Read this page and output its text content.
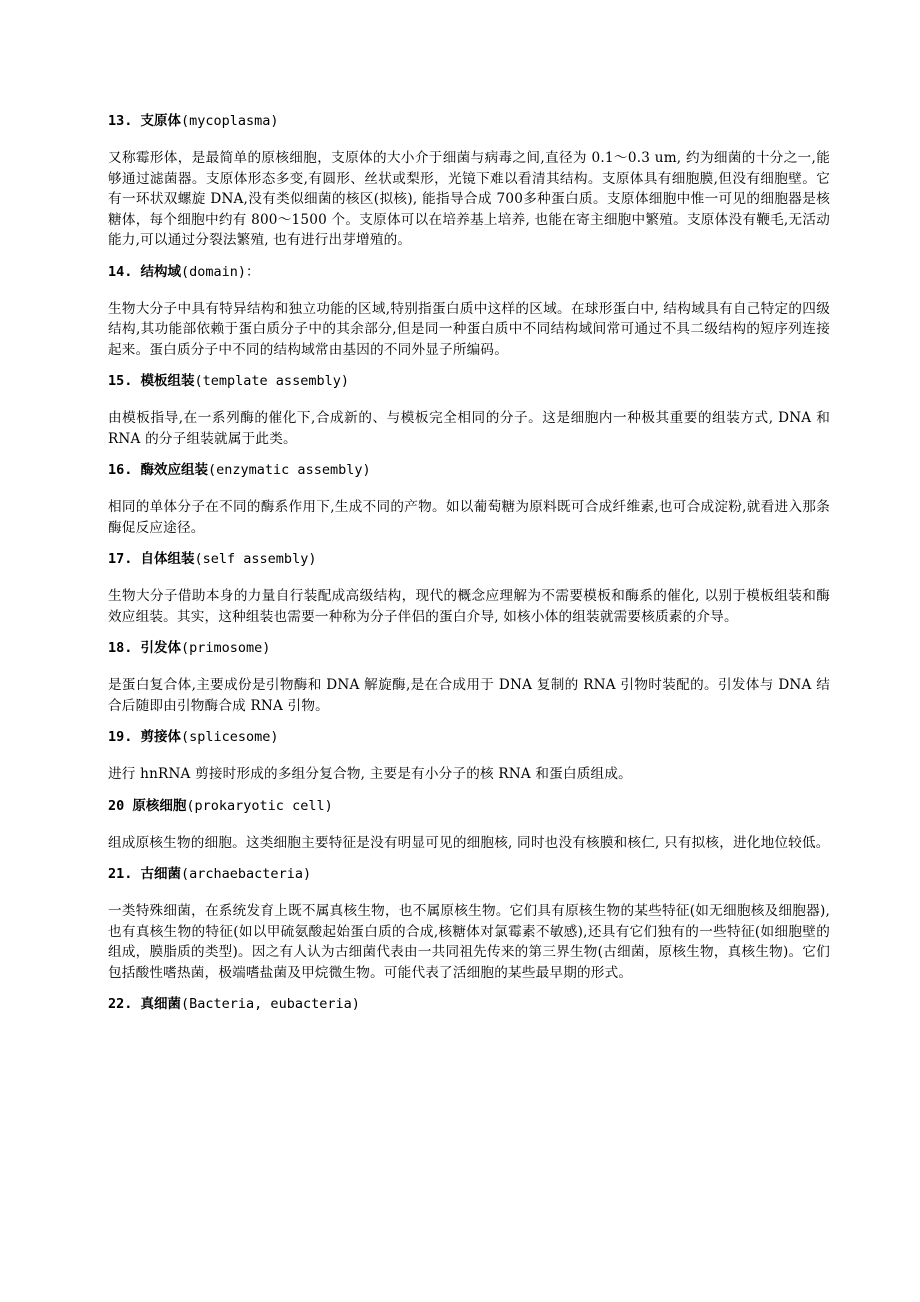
13. 支原体(mycoplasma)

又称霉形体，是最简单的原核细胞，支原体的大小介于细菌与病毒之间,直径为 0.1～0.3 um, 约为细菌的十分之一,能够通过滤菌器。支原体形态多变,有圆形、丝状或梨形，光镜下难以看清其结构。支原体具有细胞膜,但没有细胞壁。它有一环状双螺旋 DNA,没有类似细菌的核区(拟核), 能指导合成 700多种蛋白质。支原体细胞中惟一可见的细胞器是核糖体，每个细胞中约有 800～1500 个。支原体可以在培养基上培养, 也能在寄主细胞中繁殖。支原体没有鞭毛,无活动能力,可以通过分裂法繁殖, 也有进行出芽增殖的。

14. 结构域(domain)：

生物大分子中具有特异结构和独立功能的区域,特别指蛋白质中这样的区域。在球形蛋白中, 结构域具有自己特定的四级结构,其功能部依赖于蛋白质分子中的其余部分,但是同一种蛋白质中不同结构域间常可通过不具二级结构的短序列连接起来。蛋白质分子中不同的结构域常由基因的不同外显子所编码。

15. 模板组装(template assembly)

由模板指导,在一系列酶的催化下,合成新的、与模板完全相同的分子。这是细胞内一种极其重要的组装方式, DNA 和 RNA 的分子组装就属于此类。

16. 酶效应组装(enzymatic assembly)

相同的单体分子在不同的酶系作用下,生成不同的产物。如以葡萄糖为原料既可合成纤维素,也可合成淀粉,就看进入那条酶促反应途径。

17. 自体组装(self assembly)

生物大分子借助本身的力量自行装配成高级结构，现代的概念应理解为不需要模板和酶系的催化, 以别于模板组装和酶效应组装。其实，这种组装也需要一种称为分子伴侣的蛋白介导, 如核小体的组装就需要核质素的介导。

18. 引发体(primosome)

是蛋白复合体,主要成份是引物酶和 DNA 解旋酶,是在合成用于 DNA 复制的 RNA 引物时装配的。引发体与 DNA 结合后随即由引物酶合成 RNA 引物。

19. 剪接体(splicesome)

进行 hnRNA 剪接时形成的多组分复合物, 主要是有小分子的核 RNA 和蛋白质组成。

20 原核细胞(prokaryotic cell)

组成原核生物的细胞。这类细胞主要特征是没有明显可见的细胞核, 同时也没有核膜和核仁, 只有拟核，进化地位较低。

21. 古细菌(archaebacteria)

一类特殊细菌，在系统发育上既不属真核生物，也不属原核生物。它们具有原核生物的某些特征(如无细胞核及细胞器),也有真核生物的特征(如以甲硫氨酸起始蛋白质的合成,核糖体对氯霉素不敏感),还具有它们独有的一些特征(如细胞壁的组成，膜脂质的类型)。因之有人认为古细菌代表由一共同祖先传来的第三界生物(古细菌，原核生物，真核生物)。它们包括酸性嗜热菌，极端嗜盐菌及甲烷微生物。可能代表了活细胞的某些最早期的形式。

22. 真细菌(Bacteria, eubacteria)
